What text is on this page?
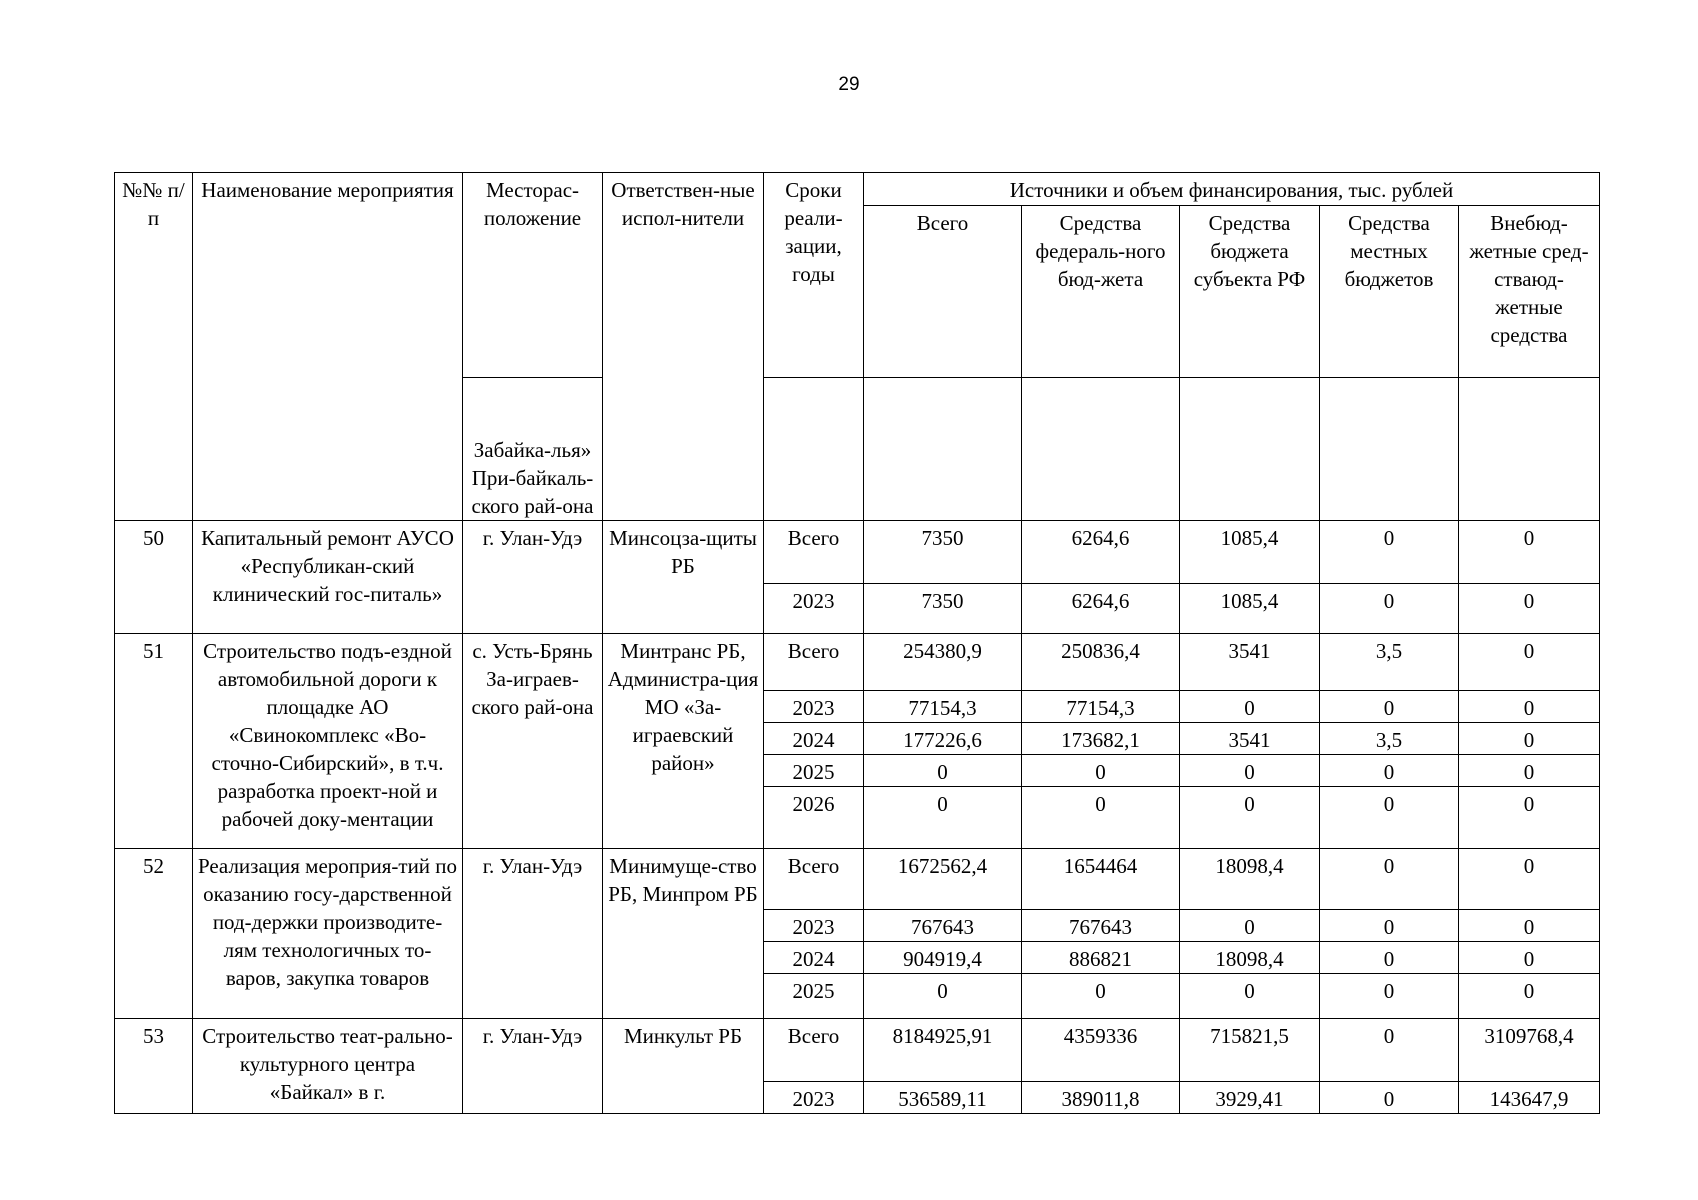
29
№№ п/п	Наименование мероприятия	Месторас-положение	Ответствен-ные испол-нители	Сроки реали-зации, годы	Источники и объем финансирования, тыс. рублей				
					Всего	Средства федераль-ного бюд-жета	Средства бюджета субъекта РФ	Средства местных бюджетов	Внебюд-жетные сред-стваюд-жетные средства
		Забайка-лья» При-байкаль-ского рай-она							
50	Капитальный ремонт АУСО «Республикан-ский клинический гос-питаль»	г. Улан-Удэ	Минсоцза-щиты РБ	Всего	7350	6264,6	1085,4	0	0
				2023	7350	6264,6	1085,4	0	0
51	Строительство подъ-ездной автомобильной дороги к площадке АО «Свинокомплекс «Во-сточно-Сибирский», в т.ч. разработка проект-ной и рабочей доку-ментации	с. Усть-Брянь За-играев-ского рай-она	Минтранс РБ, Администра-ция МО «За-играевский район»	Всего	254380,9	250836,4	3541	3,5	0
				2023	77154,3	77154,3	0	0	0
				2024	177226,6	173682,1	3541	3,5	0
				2025	0	0	0	0	0
				2026	0	0	0	0	0
52	Реализация мероприя-тий по оказанию госу-дарственной под-держки производите-лям технологичных то-варов, закупка товаров	г. Улан-Удэ	Минимуще-ство РБ, Минпром РБ	Всего	1672562,4	1654464	18098,4	0	0
				2023	767643	767643	0	0	0
				2024	904919,4	886821	18098,4	0	0
				2025	0	0	0	0	0
53	Строительство теат-рально-культурного центра «Байкал» в г.	г. Улан-Удэ	Минкульт РБ	Всего	8184925,91	4359336	715821,5	0	3109768,4
				2023	536589,11	389011,8	3929,41	0	143647,9
